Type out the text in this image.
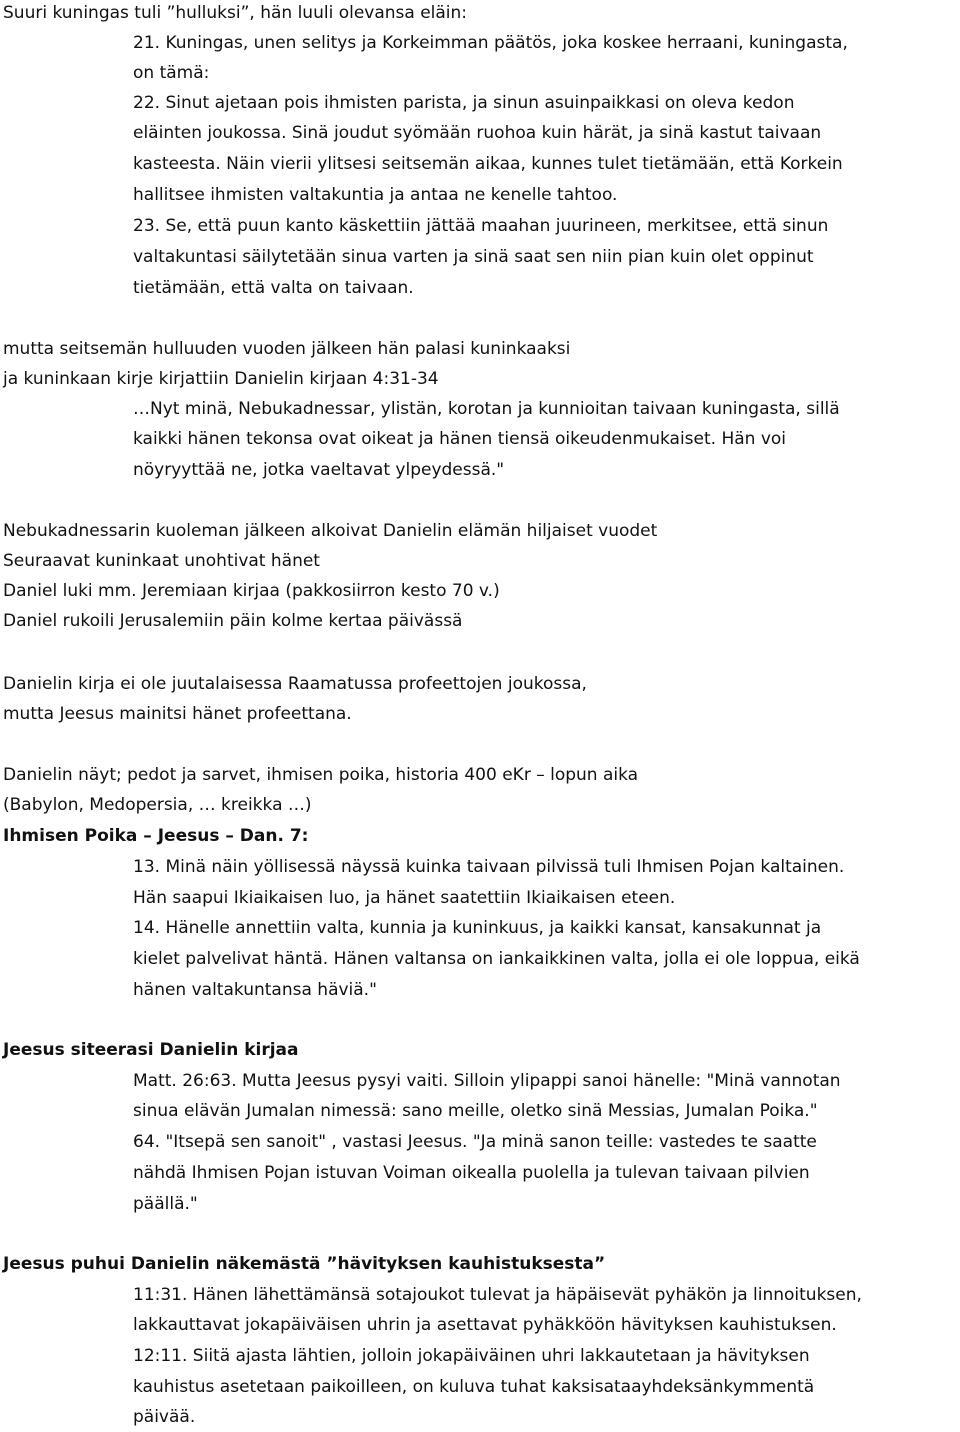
Suuri kuningas tuli ”hulluksi”, hän luuli olevansa eläin:
21. Kuningas, unen selitys ja Korkeimman päätös, joka koskee herraani, kuningasta,
on tämä:
22. Sinut ajetaan pois ihmisten parista, ja sinun asuinpaikkasi on oleva kedon
eläinten joukossa. Sinä joudut syömään ruohoa kuin härät, ja sinä kastut taivaan
kasteesta. Näin vierii ylitsesi seitsemän aikaa, kunnes tulet tietämään, että Korkein
hallitsee ihmisten valtakuntia ja antaa ne kenelle tahtoo.
23. Se, että puun kanto käskettiin jättää maahan juurineen, merkitsee, että sinun
valtakuntasi säilytetään sinua varten ja sinä saat sen niin pian kuin olet oppinut
tietämään, että valta on taivaan.
mutta seitsemän hulluuden vuoden jälkeen hän palasi kuninkaaksi
ja kuninkaan kirje kirjattiin Danielin kirjaan 4:31-34
…Nyt minä, Nebukadnessar, ylistän, korotan ja kunnioitan taivaan kuningasta, sillä
kaikki hänen tekonsa ovat oikeat ja hänen tiensä oikeudenmukaiset. Hän voi
nöyryyttää ne, jotka vaeltavat ylpeydessä."
Nebukadnessarin kuoleman jälkeen alkoivat Danielin elämän hiljaiset vuodet
Seuraavat kuninkaat unohtivat hänet
Daniel luki mm. Jeremiaan kirjaa (pakkosiirron kesto 70 v.)
Daniel rukoili Jerusalemiin päin kolme kertaa päivässä
Danielin kirja ei ole juutalaisessa Raamatussa profeettojen joukossa,
mutta Jeesus mainitsi hänet profeettana.
Danielin näyt; pedot ja sarvet, ihmisen poika, historia 400 eKr – lopun aika
(Babylon, Medopersia, … kreikka …)
Ihmisen Poika – Jeesus – Dan. 7:
13. Minä näin yöllisessä näyssä kuinka taivaan pilvissä tuli Ihmisen Pojan kaltainen.
Hän saapui Ikiaikaisen luo, ja hänet saatettiin Ikiaikaisen eteen.
14. Hänelle annettiin valta, kunnia ja kuninkuus, ja kaikki kansat, kansakunnat ja
kielet palvelivat häntä. Hänen valtansa on iankaikkinen valta, jolla ei ole loppua, eikä
hänen valtakuntansa häviä."
Jeesus siteerasi Danielin kirjaa
Matt. 26:63. Mutta Jeesus pysyi vaiti. Silloin ylipappi sanoi hänelle: "Minä vannotan
sinua elävän Jumalan nimessä: sano meille, oletko sinä Messias, Jumalan Poika."
64. "Itsepä sen sanoit" , vastasi Jeesus. "Ja minä sanon teille: vastedes te saatte
nähdä Ihmisen Pojan istuvan Voiman oikealla puolella ja tulevan taivaan pilvien
päällä."
Jeesus puhui Danielin näkemästä ”hävityksen kauhistuksesta”
11:31. Hänen lähettämänsä sotajoukot tulevat ja häpäisevät pyhäkön ja linnoituksen,
lakkauttavat jokapäiväisen uhrin ja asettavat pyhäkköön hävityksen kauhistuksen.
12:11. Siitä ajasta lähtien, jolloin jokapäiväinen uhri lakkautetaan ja hävityksen
kauhistus asetetaan paikoilleen, on kuluva tuhat kaksisataayhdeksänkymmentä
päivää.
